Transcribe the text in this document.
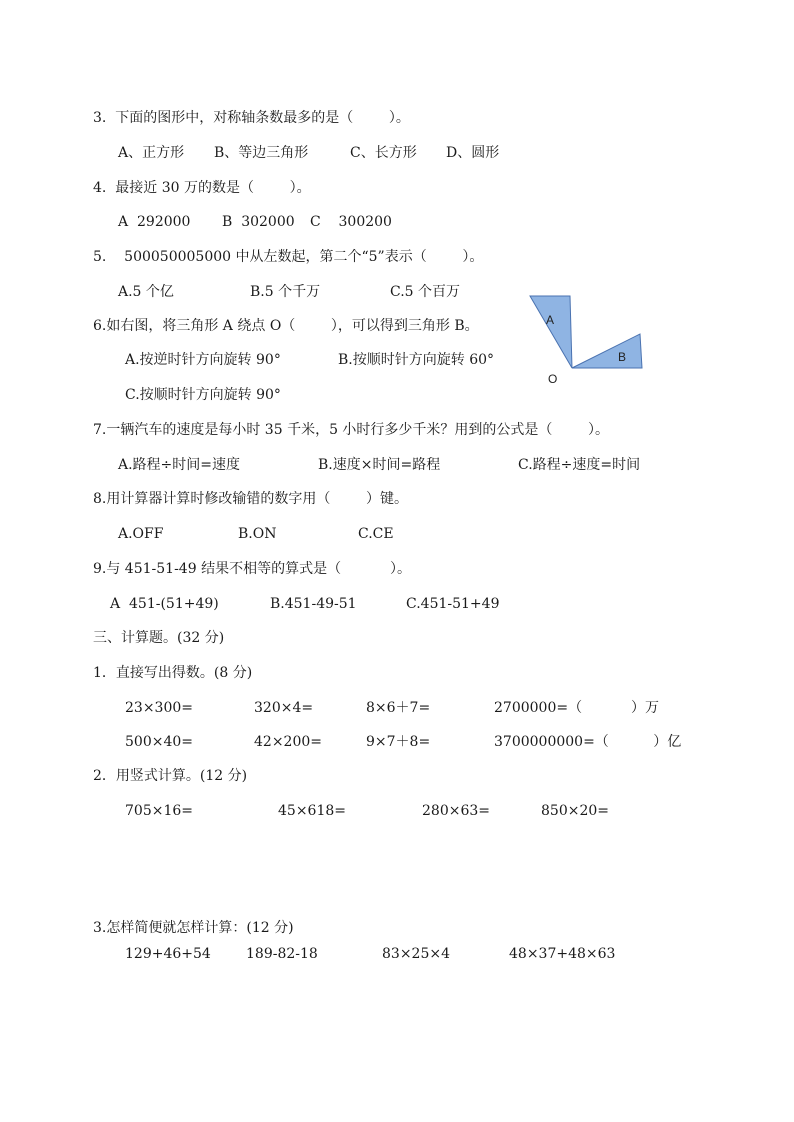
3.  下面的图形中，对称轴条数最多的是（        ）。
A、正方形 B、等边三角形	C、长方形 D、圆形
4.  最接近 30 万的数是（        ）。
A  292000 B  302000 C    300200
5.    500050005000 中从左数起，第二个“5”表示（        ）。
A.5 个亿	B.5 个千万	C.5 个百万
6.如右图，将三角形 A 绕点 O（        ），可以得到三角形 B。
A.按逆时针方向旋转 90°	B.按顺时针方向旋转 60°
C.按顺时针方向旋转 90°
A
B
O
7.一辆汽车的速度是每小时 35 千米，5 小时行多少千米？用到的公式是（        ）。
A.路程÷时间=速度	B.速度×时间=路程	C.路程÷速度=时间
8.用计算器计算时修改输错的数字用（        ）键。
A.OFF	B.ON	C.CE
9.与 451-51-49 结果不相等的算式是（           ）。
A  451-(51+49)	B.451-49-51	C.451-51+49
三、计算题。(32 分)
1．直接写出得数。(8 分)
23×300=	320×4=	8×6＋7=	2700000=（           ）万
500×40=	42×200=	9×7＋8=	3700000000=（          ）亿
2．用竖式计算。(12 分)
705×16=	45×618=	280×63=	850×20=
3.怎样简便就怎样计算：(12 分)
129+46+54	189-82-18	83×25×4	48×37+48×63
